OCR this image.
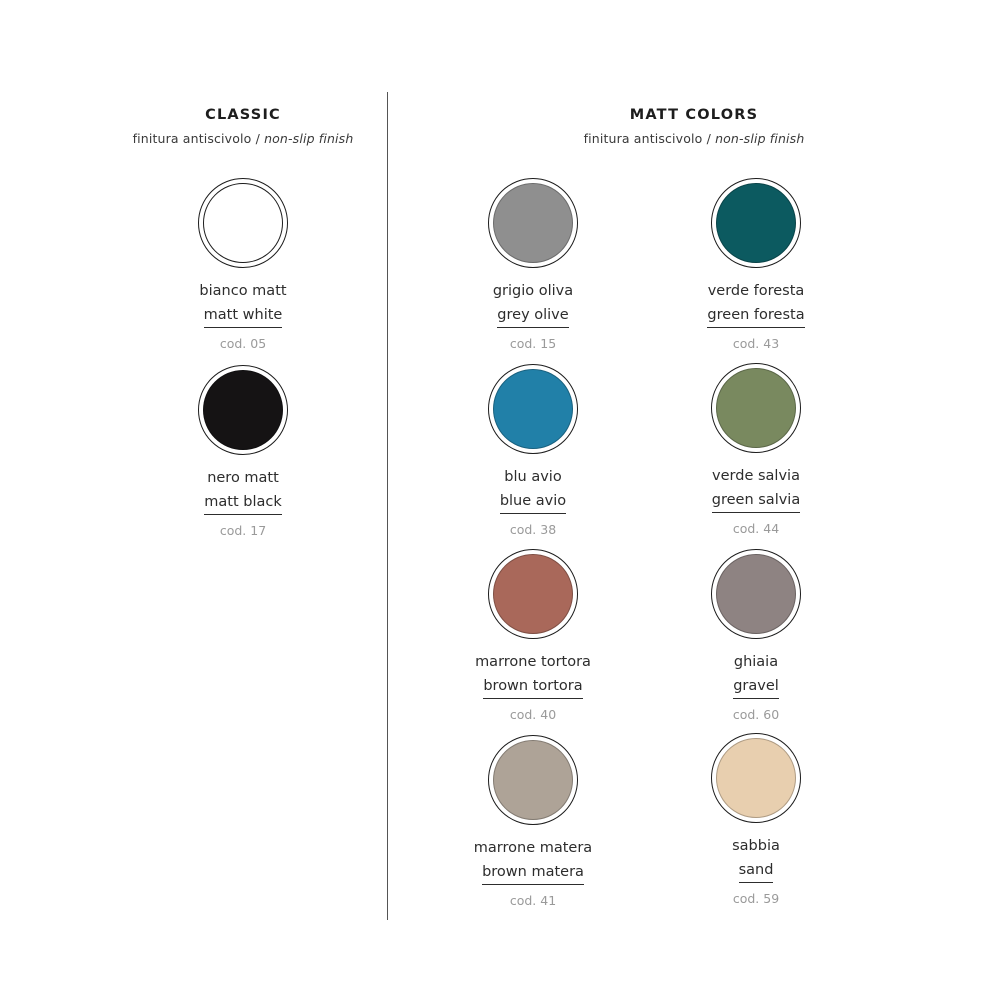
CLASSIC
finitura antiscivolo / non-slip finish
MATT COLORS
finitura antiscivolo / non-slip finish
bianco matt
matt white
cod. 05
nero matt
matt black
cod. 17
grigio oliva
grey olive
cod. 15
blu avio
blue avio
cod. 38
marrone tortora
brown tortora
cod. 40
marrone matera
brown matera
cod. 41
verde foresta
green foresta
cod. 43
verde salvia
green salvia
cod. 44
ghiaia
gravel
cod. 60
sabbia
sand
cod. 59
